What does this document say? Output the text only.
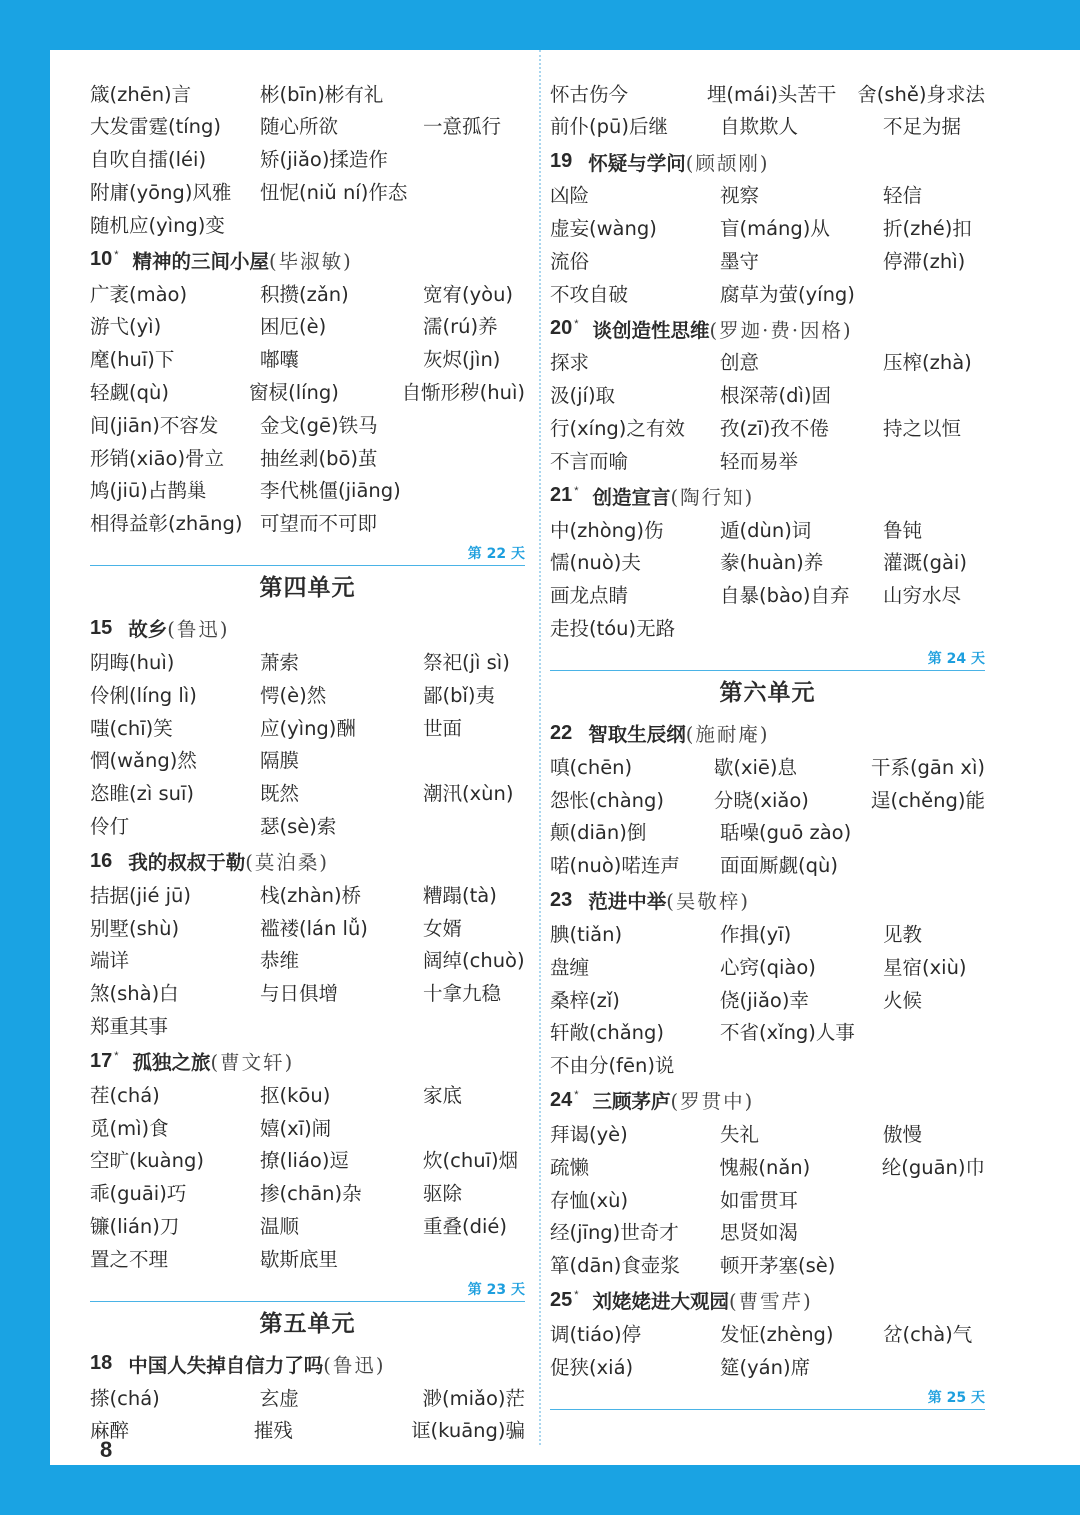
箴(zhēn)言	彬(bīn)彬有礼
大发雷霆(tíng)	随心所欲	一意孤行
自吹自擂(léi)	矫(jiǎo)揉造作
附庸(yōng)风雅	忸怩(niǔ ní)作态
随机应(yìng)变
10 * 精神的三间小屋 (毕淑敏)
广袤(mào)	积攒(zǎn)	宽宥(yòu)
游弋(yì)	困厄(è)	濡(rú)养
麾(huī)下	嘟囔	灰烬(jìn)
轻觑(qù)	窗棂(líng)	自惭形秽(huì)
间(jiān)不容发	金戈(gē)铁马
形销(xiāo)骨立	抽丝剥(bō)茧
鸠(jiū)占鹊巢	李代桃僵(jiāng)
相得益彰(zhāng) 可望而不可即
第 22 天
第四单元
15 故乡 (鲁迅)
阴晦(huì)	萧索	祭祀(jì sì)
伶俐(líng lì)	愕(è)然	鄙(bǐ)夷
嗤(chī)笑	应(yìng)酬	世面
惘(wǎng)然	隔膜
恣睢(zì suī)	既然	潮汛(xùn)
伶仃	瑟(sè)索
16 我的叔叔于勒 (莫泊桑)
拮据(jié jū)	栈(zhàn)桥	糟蹋(tà)
别墅(shù)	褴褛(lán lǚ)	女婿
端详	恭维	阔绰(chuò)
煞(shà)白	与日俱增	十拿九稳
郑重其事
17 * 孤独之旅 (曹文轩)
茬(chá)	抠(kōu)	家底
觅(mì)食	嬉(xī)闹
空旷(kuàng)	撩(liáo)逗	炊(chuī)烟
乖(guāi)巧	掺(chān)杂	驱除
镰(lián)刀	温顺	重叠(dié)
置之不理	歇斯底里
第 23 天
第五单元
18 中国人失掉自信力了吗 (鲁迅)
搽(chá)	玄虚	渺(miǎo)茫
麻醉	摧残	诓(kuāng)骗
怀古伤今	埋(mái)头苦干	舍(shě)身求法
前仆(pū)后继	自欺欺人	不足为据
19 怀疑与学问 (顾颉刚)
凶险	视察	轻信
虚妄(wàng)	盲(máng)从	折(zhé)扣
流俗	墨守	停滞(zhì)
不攻自破	腐草为萤(yíng)
20 * 谈创造性思维 (罗迦·费·因格)
探求	创意	压榨(zhà)
汲(jí)取	根深蒂(dì)固
行(xíng)之有效	孜(zī)孜不倦	持之以恒
不言而喻	轻而易举
21 * 创造宣言 (陶行知)
中(zhòng)伤	遁(dùn)词	鲁钝
懦(nuò)夫	豢(huàn)养	灌溉(gài)
画龙点睛	自暴(bào)自弃	山穷水尽
走投(tóu)无路
第 24 天
第六单元
22 智取生辰纲 (施耐庵)
嗔(chēn)	歇(xiē)息	干系(gān xì)
怨怅(chàng)	分晓(xiǎo)	逞(chěng)能
颠(diān)倒	聒噪(guō zào)
喏(nuò)喏连声	面面厮觑(qù)
23 范进中举 (吴敬梓)
腆(tiǎn)	作揖(yī)	见教
盘缠	心窍(qiào)	星宿(xiù)
桑梓(zǐ)	侥(jiǎo)幸	火候
轩敞(chǎng)	不省(xǐng)人事
不由分(fēn)说
24 * 三顾茅庐 (罗贯中)
拜谒(yè)	失礼	傲慢
疏懒	愧赧(nǎn)	纶(guān)巾
存恤(xù)	如雷贯耳
经(jīng)世奇才	思贤如渴
箪(dān)食壶浆	顿开茅塞(sè)
25 * 刘姥姥进大观园 (曹雪芹)
调(tiáo)停	发怔(zhèng)	岔(chà)气
促狭(xiá)	筵(yán)席
第 25 天
8
